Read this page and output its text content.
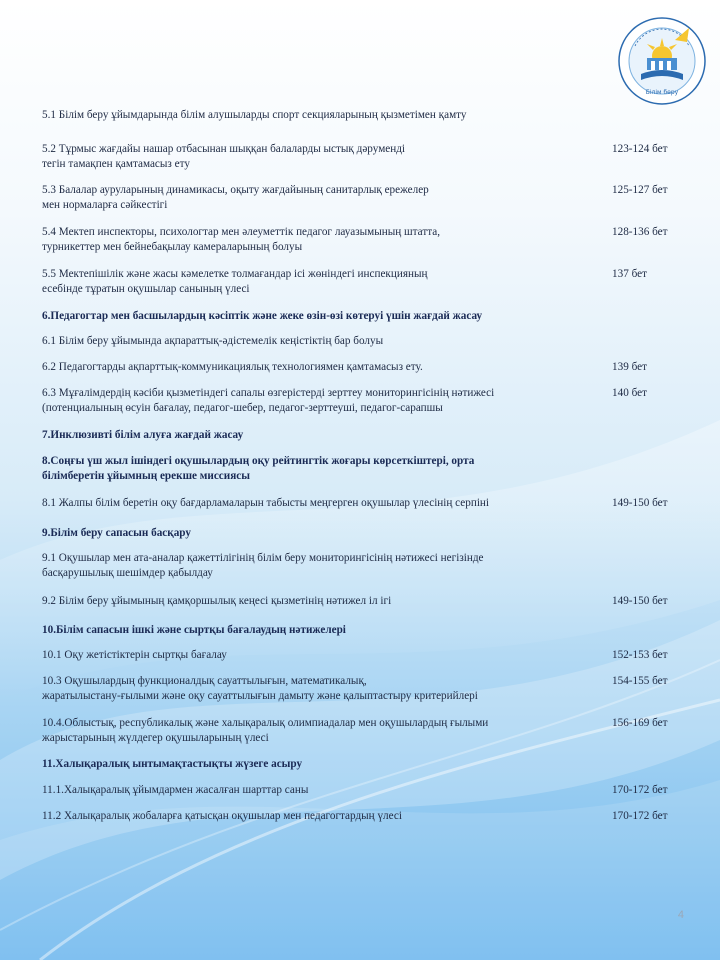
Білім беру
5.1 Білім беру ұйымдарында білім алушыларды спорт секцияларының қызметімен қамту
5.2 Тұрмыс жағдайы нашар отбасынан шыққан балаларды ыстық дәруменді
тегін тамақпен қамтамасыз ету
123-124 бет
5.3 Балалар ауруларының динамикасы, оқыту жағдайының санитарлық ережелер
мен нормаларға сәйкестігі
125-127 бет
5.4 Мектеп инспекторы, психологтар мен әлеуметтік педагог лауазымының штатта,
турникеттер мен бейнебақылау камераларының болуы
128-136 бет
5.5 Мектепішілік және жасы кәмелетке толмағандар ісі жөніндегі инспекцияның
есебінде тұратын оқушылар санының үлесі
137 бет
6.Педагогтар мен басшылардың кәсіптік және жеке өзін-өзі көтеруі үшін жағдай жасау
6.1 Білім беру ұйымында ақпараттық-әдістемелік кеңістіктің бар болуы
6.2 Педагогтарды ақпарттық-коммуникациялық технологиямен қамтамасыз ету.	139 бет
6.3 Мұғалімдердің кәсіби қызметіндегі сапалы өзгерістерді зерттеу мониторингісінің нәтижесі
(потенциалының өсуін бағалау, педагог-шебер, педагог-зерттеуші, педагог-сарапшы
140 бет
7.Инклюзивті білім алуға жағдай жасау
8.Соңғы үш жыл ішіндегі оқушылардың оқу рейтингтік жоғары көрсеткіштері, орта
білімберетін ұйымның ерекше миссиясы
8.1 Жалпы білім беретін оқу бағдарламаларын табысты меңгерген оқушылар үлесінің серпіні	149-150 бет
9.Білім беру сапасын басқару
9.1 Оқушылар мен ата-аналар қажеттілігінің білім беру мониторингісінің нәтижесі негізінде
басқарушылық шешімдер қабылдау
9.2 Білім беру ұйымының қамқоршылық кеңесі қызметінің нәтижел іл ігі	149-150 бет
10.Білім сапасын ішкі және сыртқы бағалаудың нәтижелері
10.1 Оқу жетістіктерін сыртқы бағалау	152-153 бет
10.3 Оқушылардың функционалдық сауаттылығын, математикалық,
жаратылыстану-ғылыми және оқу сауаттылығын дамыту және қалыптастыру критерийлері
154-155 бет
10.4.Облыстық, республикалық және халықаралық олимпиадалар мен оқушылардың ғылыми
жарыстарының жүлдегер оқушыларының үлесі
156-169 бет
11.Халықаралық ынтымақтастықты жүзеге асыру
11.1.Халықаралық ұйымдармен жасалған шарттар саны	170-172 бет
11.2 Халықаралық жобаларға қатысқан оқушылар мен педагогтардың үлесі	170-172 бет
4
